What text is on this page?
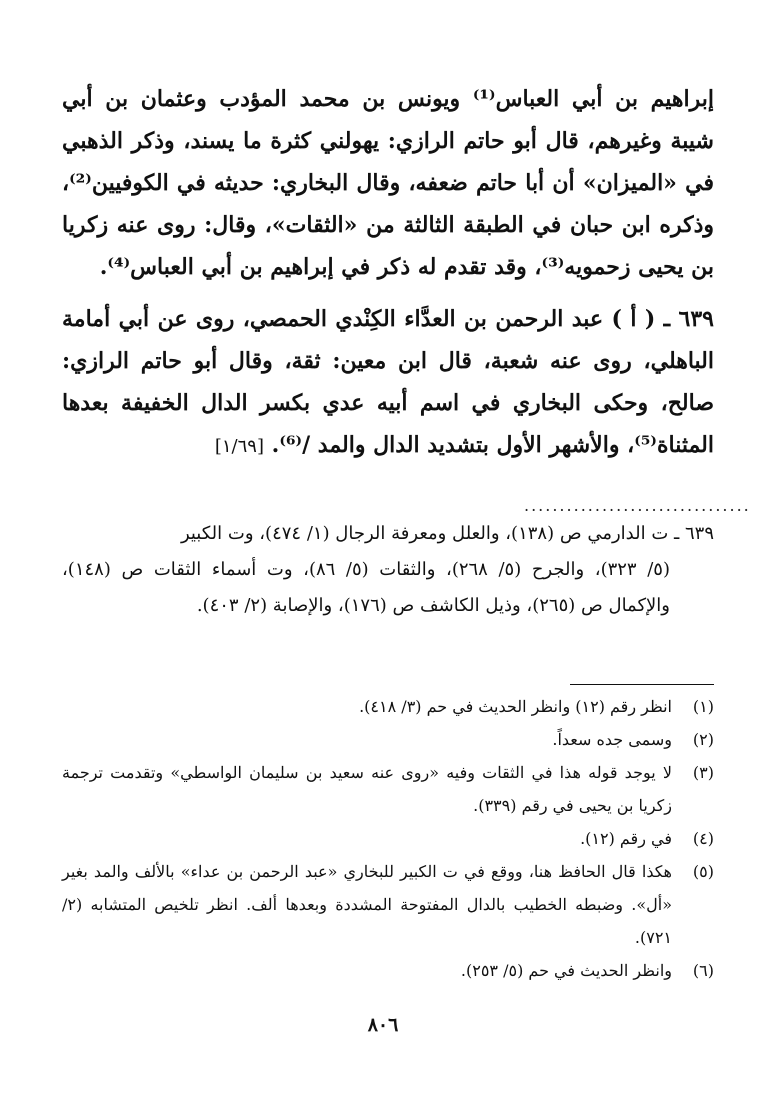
إبراهيم بن أبي العباس⁽¹⁾ ويونس بن محمد المؤدب وعثمان بن أبي شيبة وغيرهم، قال أبو حاتم الرازي: يهولني كثرة ما يسند، وذكر الذهبي في «الميزان» أن أبا حاتم ضعفه، وقال البخاري: حديثه في الكوفيين⁽²⁾، وذكره ابن حبان في الطبقة الثالثة من «الثقات»، وقال: روى عنه زكريا بن يحيى زحمويه⁽³⁾، وقد تقدم له ذكر في إبراهيم بن أبي العباس⁽⁴⁾.

٦٣٩ ـ ( أ ) عبد الرحمن بن العدَّاء الكِنْدي الحمصي، روى عن أبي أمامة الباهلي، روى عنه شعبة، قال ابن معين: ثقة، وقال أبو حاتم الرازي: صالح، وحكى البخاري في اسم أبيه عدي بكسر الدال الخفيفة بعدها المثناة⁽⁵⁾، والأشهر الأول بتشديد الدال والمد /⁽⁶⁾. [١/٦٩]

................................
٦٣٩ ـ ت الدارمي ص (١٣٨)، والعلل ومعرفة الرجال (١/ ٤٧٤)، وت الكبير
(٥/ ٣٢٣)، والجرح (٥/ ٢٦٨)، والثقات (٥/ ٨٦)، وت أسماء الثقات ص (١٤٨)، والإكمال ص (٢٦٥)، وذيل الكاشف ص (١٧٦)، والإصابة (٢/ ٤٠٣).
(١)
انظر رقم (١٢) وانظر الحديث في حم (٣/ ٤١٨).
(٢)
وسمى جده سعداً.
(٣)
لا يوجد قوله هذا في الثقات وفيه «روى عنه سعيد بن سليمان الواسطي» وتقدمت ترجمة زكريا بن يحيى في رقم (٣٣٩).
(٤)
في رقم (١٢).
(٥)
هكذا قال الحافظ هنا، ووقع في ت الكبير للبخاري «عبد الرحمن بن عداء» بالألف والمد بغير «أل». وضبطه الخطيب بالدال المفتوحة المشددة وبعدها ألف. انظر تلخيص المتشابه (٢/ ٧٢١).
(٦)
وانظر الحديث في حم (٥/ ٢٥٣).
٨٠٦
